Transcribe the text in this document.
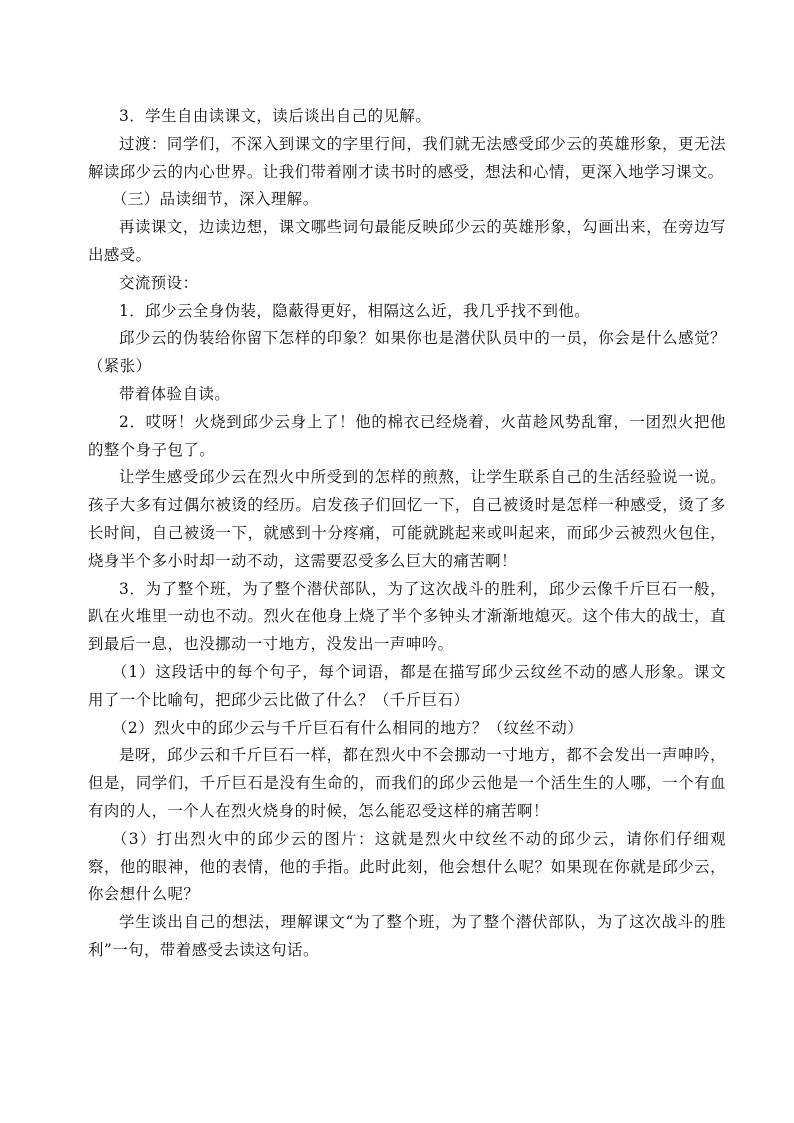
3．学生自由读课文，读后谈出自己的见解。

过渡：同学们，不深入到课文的字里行间，我们就无法感受邱少云的英雄形象，更无法解读邱少云的内心世界。让我们带着刚才读书时的感受，想法和心情，更深入地学习课文。

（三）品读细节，深入理解。

再读课文，边读边想，课文哪些词句最能反映邱少云的英雄形象，勾画出来，在旁边写出感受。

交流预设：

1．邱少云全身伪装，隐蔽得更好，相隔这么近，我几乎找不到他。

邱少云的伪装给你留下怎样的印象？如果你也是潜伏队员中的一员，你会是什么感觉？（紧张）

带着体验自读。

2．哎呀！火烧到邱少云身上了！他的棉衣已经烧着，火苗趁风势乱窜，一团烈火把他的整个身子包了。

让学生感受邱少云在烈火中所受到的怎样的煎熬，让学生联系自己的生活经验说一说。孩子大多有过偶尔被烫的经历。启发孩子们回忆一下，自己被烫时是怎样一种感受，烫了多长时间，自己被烫一下，就感到十分疼痛，可能就跳起来或叫起来，而邱少云被烈火包住，烧身半个多小时却一动不动，这需要忍受多么巨大的痛苦啊！

3．为了整个班，为了整个潜伏部队，为了这次战斗的胜利，邱少云像千斤巨石一般，趴在火堆里一动也不动。烈火在他身上烧了半个多钟头才渐渐地熄灭。这个伟大的战士，直到最后一息，也没挪动一寸地方，没发出一声呻吟。

（1）这段话中的每个句子，每个词语，都是在描写邱少云纹丝不动的感人形象。课文用了一个比喻句，把邱少云比做了什么？（千斤巨石）

（2）烈火中的邱少云与千斤巨石有什么相同的地方？（纹丝不动）

是呀，邱少云和千斤巨石一样，都在烈火中不会挪动一寸地方，都不会发出一声呻吟，但是，同学们，千斤巨石是没有生命的，而我们的邱少云他是一个活生生的人哪，一个有血有肉的人，一个人在烈火烧身的时候，怎么能忍受这样的痛苦啊！

（3）打出烈火中的邱少云的图片：这就是烈火中纹丝不动的邱少云，请你们仔细观察，他的眼神，他的表情，他的手指。此时此刻，他会想什么呢？如果现在你就是邱少云，你会想什么呢？

学生谈出自己的想法，理解课文“为了整个班，为了整个潜伏部队，为了这次战斗的胜利”一句，带着感受去读这句话。
